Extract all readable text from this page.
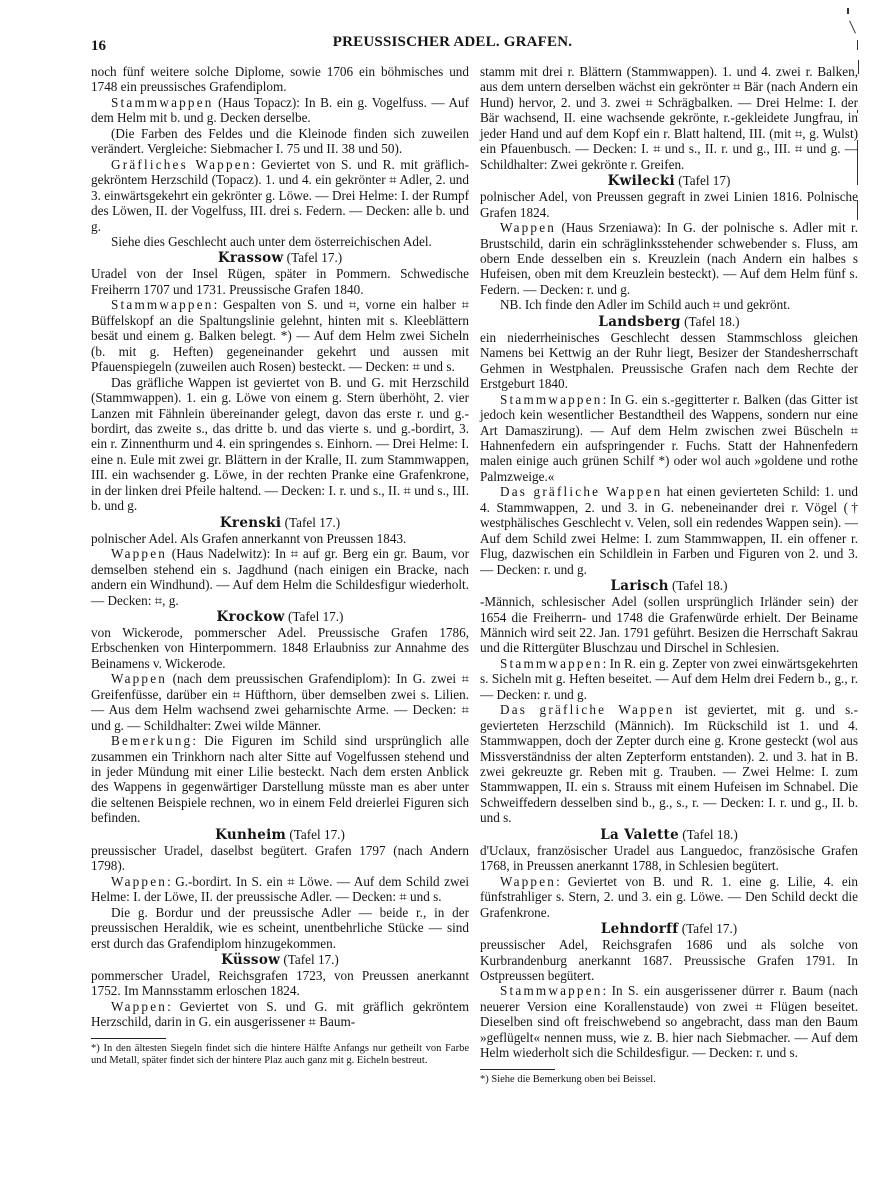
16	PREUSSISCHER ADEL. GRAFEN.

noch fünf weitere solche Diplome, sowie 1706 ein böhmisches und 1748 ein preussisches Grafendiplom.

Stammwappen (Haus Topacz): In B. ein g. Vogelfuss. — Auf dem Helm mit b. und g. Decken derselbe.

(Die Farben des Feldes und die Kleinode finden sich zuweilen verändert. Vergleiche: Siebmacher I. 75 und II. 38 und 50).

Gräfliches Wappen: Geviertet von S. und R. mit gräflich-gekröntem Herzschild (Topacz). 1. und 4. ein gekrönter ⌗ Adler, 2. und 3. einwärtsgekehrt ein gekrönter g. Löwe. — Drei Helme: I. der Rumpf des Löwen, II. der Vogelfuss, III. drei s. Federn. — Decken: alle b. und g.

Siehe dies Geschlecht auch unter dem österreichischen Adel.

Krassow (Tafel 17.)

Uradel von der Insel Rügen, später in Pommern. Schwedische Freiherrn 1707 und 1731. Preussische Grafen 1840.

Stammwappen: Gespalten von S. und ⌗, vorne ein halber ⌗ Büffelskopf an die Spaltungslinie gelehnt, hinten mit s. Kleeblättern besät und einem g. Balken belegt. *) — Auf dem Helm zwei Sicheln (b. mit g. Heften) gegeneinander gekehrt und aussen mit Pfauenspiegeln (zuweilen auch Rosen) besteckt. — Decken: ⌗ und s.

Das gräfliche Wappen ist geviertet von B. und G. mit Herzschild (Stammwappen). 1. ein g. Löwe von einem g. Stern überhöht, 2. vier Lanzen mit Fähnlein übereinander gelegt, davon das erste r. und g.-bordirt, das zweite s., das dritte b. und das vierte s. und g.-bordirt, 3. ein r. Zinnenthurm und 4. ein springendes s. Einhorn. — Drei Helme: I. eine n. Eule mit zwei gr. Blättern in der Kralle, II. zum Stammwappen, III. ein wachsender g. Löwe, in der rechten Pranke eine Grafenkrone, in der linken drei Pfeile haltend. — Decken: I. r. und s., II. ⌗ und s., III. b. und g.

Krenski (Tafel 17.)

polnischer Adel. Als Grafen annerkannt von Preussen 1843.

Wappen (Haus Nadelwitz): In ⌗ auf gr. Berg ein gr. Baum, vor demselben stehend ein s. Jagdhund (nach einigen ein Bracke, nach andern ein Windhund). — Auf dem Helm die Schildesfigur wiederholt. — Decken: ⌗, g.

Krockow (Tafel 17.)

von Wickerode, pommerscher Adel. Preussische Grafen 1786, Erbschenken von Hinterpommern. 1848 Erlaubniss zur Annahme des Beinamens v. Wickerode.

Wappen (nach dem preussischen Grafendiplom): In G. zwei ⌗ Greifenfüsse, darüber ein ⌗ Hüfthorn, über demselben zwei s. Lilien. — Aus dem Helm wachsend zwei geharnischte Arme. — Decken: ⌗ und g. — Schildhalter: Zwei wilde Männer.

Bemerkung: Die Figuren im Schild sind ursprünglich alle zusammen ein Trinkhorn nach alter Sitte auf Vogelfussen stehend und in jeder Mündung mit einer Lilie besteckt. Nach dem ersten Anblick des Wappens in gegenwärtiger Darstellung müsste man es aber unter die seltenen Beispiele rechnen, wo in einem Feld dreierlei Figuren sich befinden.

Kunheim (Tafel 17.)

preussischer Uradel, daselbst begütert. Grafen 1797 (nach Andern 1798).

Wappen: G.-bordirt. In S. ein ⌗ Löwe. — Auf dem Schild zwei Helme: I. der Löwe, II. der preussische Adler. — Decken: ⌗ und s.

Die g. Bordur und der preussische Adler — beide r., in der preussischen Heraldik, wie es scheint, unentbehrliche Stücke — sind erst durch das Grafendiplom hinzugekommen.

Küssow (Tafel 17.)

pommerscher Uradel, Reichsgrafen 1723, von Preussen anerkannt 1752. Im Mannsstamm erloschen 1824.

Wappen: Geviertet von S. und G. mit gräflich gekröntem Herzschild, darin in G. ein ausgerissener ⌗ Baum-

*) In den ältesten Siegeln findet sich die hintere Hälfte Anfangs nur getheilt von Farbe und Metall, später findet sich der hintere Plaz auch ganz mit g. Eicheln bestreut.

stamm mit drei r. Blättern (Stammwappen). 1. und 4. zwei r. Balken, aus dem untern derselben wächst ein gekrönter ⌗ Bär (nach Andern ein Hund) hervor, 2. und 3. zwei ⌗ Schrägbalken. — Drei Helme: I. der Bär wachsend, II. eine wachsende gekrönte, r.-gekleidete Jungfrau, in jeder Hand und auf dem Kopf ein r. Blatt haltend, III. (mit ⌗, g. Wulst) ein Pfauenbusch. — Decken: I. ⌗ und s., II. r. und g., III. ⌗ und g. — Schildhalter: Zwei gekrönte r. Greifen.

Kwilecki (Tafel 17)

polnischer Adel, von Preussen gegraft in zwei Linien 1816. Polnische Grafen 1824.

Wappen (Haus Srzeniawa): In G. der polnische s. Adler mit r. Brustschild, darin ein schräglinksstehender schwebender s. Fluss, am obern Ende desselben ein s. Kreuzlein (nach Andern ein halbes s Hufeisen, oben mit dem Kreuzlein besteckt). — Auf dem Helm fünf s. Federn. — Decken: r. und g.

NB. Ich finde den Adler im Schild auch ⌗ und gekrönt.

Landsberg (Tafel 18.)

ein niederrheinisches Geschlecht dessen Stammschloss gleichen Namens bei Kettwig an der Ruhr liegt, Besizer der Standesherrschaft Gehmen in Westphalen. Preussische Grafen nach dem Rechte der Erstgeburt 1840.

Stammwappen: In G. ein s.-gegitterter r. Balken (das Gitter ist jedoch kein wesentlicher Bestandtheil des Wappens, sondern nur eine Art Damaszirung). — Auf dem Helm zwischen zwei Büscheln ⌗ Hahnenfedern ein aufspringender r. Fuchs. Statt der Hahnenfedern malen einige auch grünen Schilf *) oder wol auch »goldene und rothe Palmzweige.«

Das gräfliche Wappen hat einen gevierteten Schild: 1. und 4. Stammwappen, 2. und 3. in G. nebeneinander drei r. Vögel († westphälisches Geschlecht v. Velen, soll ein redendes Wappen sein). — Auf dem Schild zwei Helme: I. zum Stammwappen, II. ein offener r. Flug, dazwischen ein Schildlein in Farben und Figuren von 2. und 3. — Decken: r. und g.

Larisch (Tafel 18.)

-Männich, schlesischer Adel (sollen ursprünglich Irländer sein) der 1654 die Freiherrn- und 1748 die Grafenwürde erhielt. Der Beiname Männich wird seit 22. Jan. 1791 geführt. Besizen die Herrschaft Sakrau und die Rittergüter Bluschzau und Dirschel in Schlesien.

Stammwappen: In R. ein g. Zepter von zwei einwärtsgekehrten s. Sicheln mit g. Heften beseitet. — Auf dem Helm drei Federn b., g., r. — Decken: r. und g.

Das gräfliche Wappen ist geviertet, mit g. und s.-gevierteten Herzschild (Männich). Im Rückschild ist 1. und 4. Stammwappen, doch der Zepter durch eine g. Krone gesteckt (wol aus Missverständniss der alten Zepterform entstanden). 2. und 3. hat in B. zwei gekreuzte gr. Reben mit g. Trauben. — Zwei Helme: I. zum Stammwappen, II. ein s. Strauss mit einem Hufeisen im Schnabel. Die Schweiffedern desselben sind b., g., s., r. — Decken: I. r. und g., II. b. und s.

La Valette (Tafel 18.)

d'Uclaux, französischer Uradel aus Languedoc, französische Grafen 1768, in Preussen anerkannt 1788, in Schlesien begütert.

Wappen: Geviertet von B. und R. 1. eine g. Lilie, 4. ein fünfstrahliger s. Stern, 2. und 3. ein g. Löwe. — Den Schild deckt die Grafenkrone.

Lehndorff (Tafel 17.)

preussischer Adel, Reichsgrafen 1686 und als solche von Kurbrandenburg anerkannt 1687. Preussische Grafen 1791. In Ostpreussen begütert.

Stammwappen: In S. ein ausgerissener dürrer r. Baum (nach neuerer Version eine Korallenstaude) von zwei ⌗ Flügen beseitet. Dieselben sind oft freischwebend so angebracht, dass man den Baum »geflügelt« nennen muss, wie z. B. hier nach Siebmacher. — Auf dem Helm wiederholt sich die Schildesfigur. — Decken: r. und s.

*) Siehe die Bemerkung oben bei Beissel.
